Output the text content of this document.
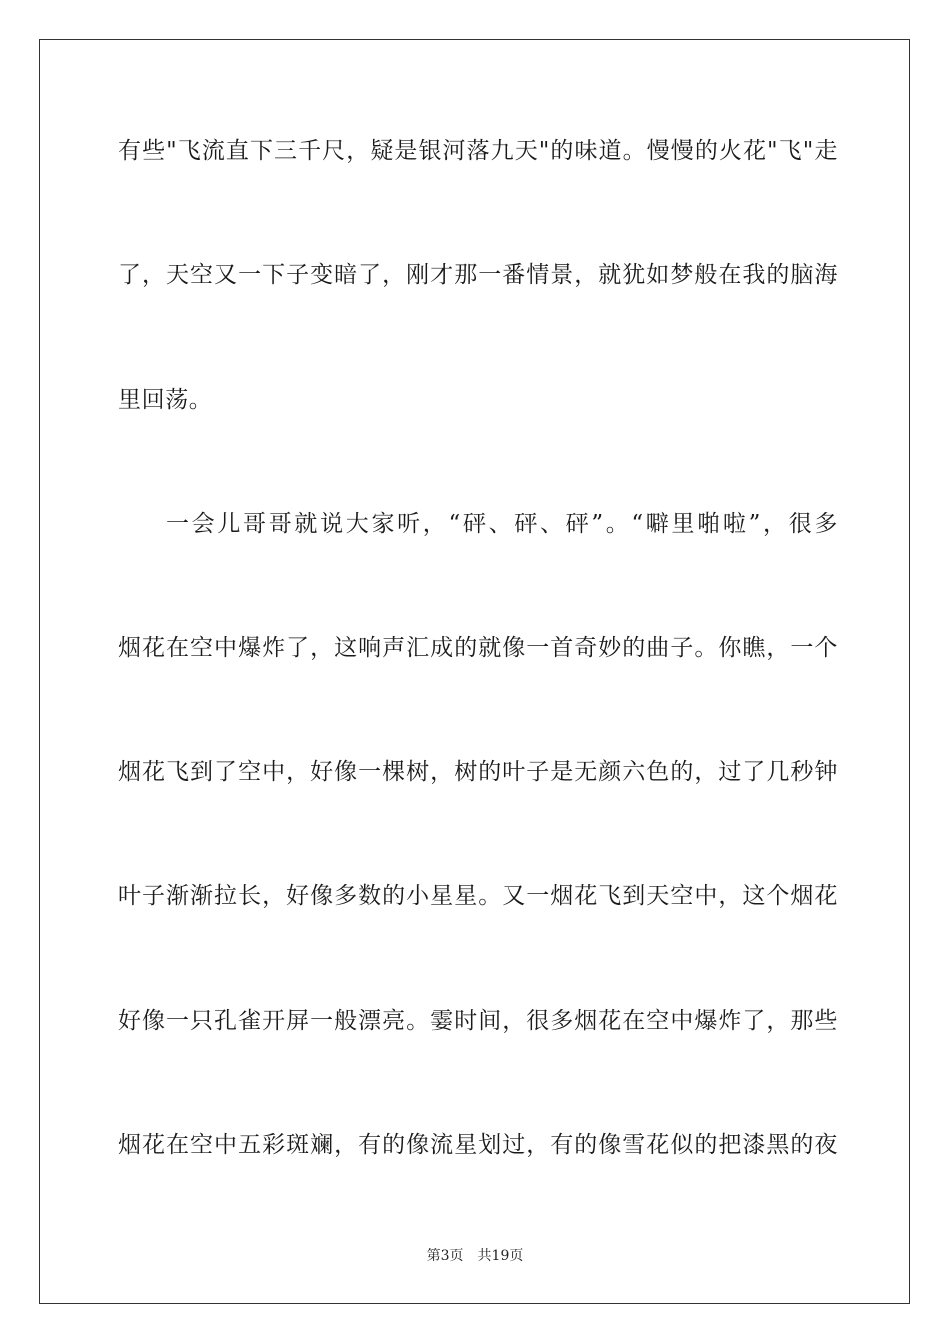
有些"飞流直下三千尺，疑是银河落九天"的味道。慢慢的火花"飞"走
了，天空又一下子变暗了，刚才那一番情景，就犹如梦般在我的脑海
里回荡。
一会儿哥哥就说大家听，“砰、砰、砰”。“噼里啪啦”，很多
烟花在空中爆炸了，这响声汇成的就像一首奇妙的曲子。你瞧，一个
烟花飞到了空中，好像一棵树，树的叶子是无颜六色的，过了几秒钟
叶子渐渐拉长，好像多数的小星星。又一烟花飞到天空中，这个烟花
好像一只孔雀开屏一般漂亮。霎时间，很多烟花在空中爆炸了，那些
烟花在空中五彩斑斓，有的像流星划过，有的像雪花似的把漆黑的夜
第3页 共19页
